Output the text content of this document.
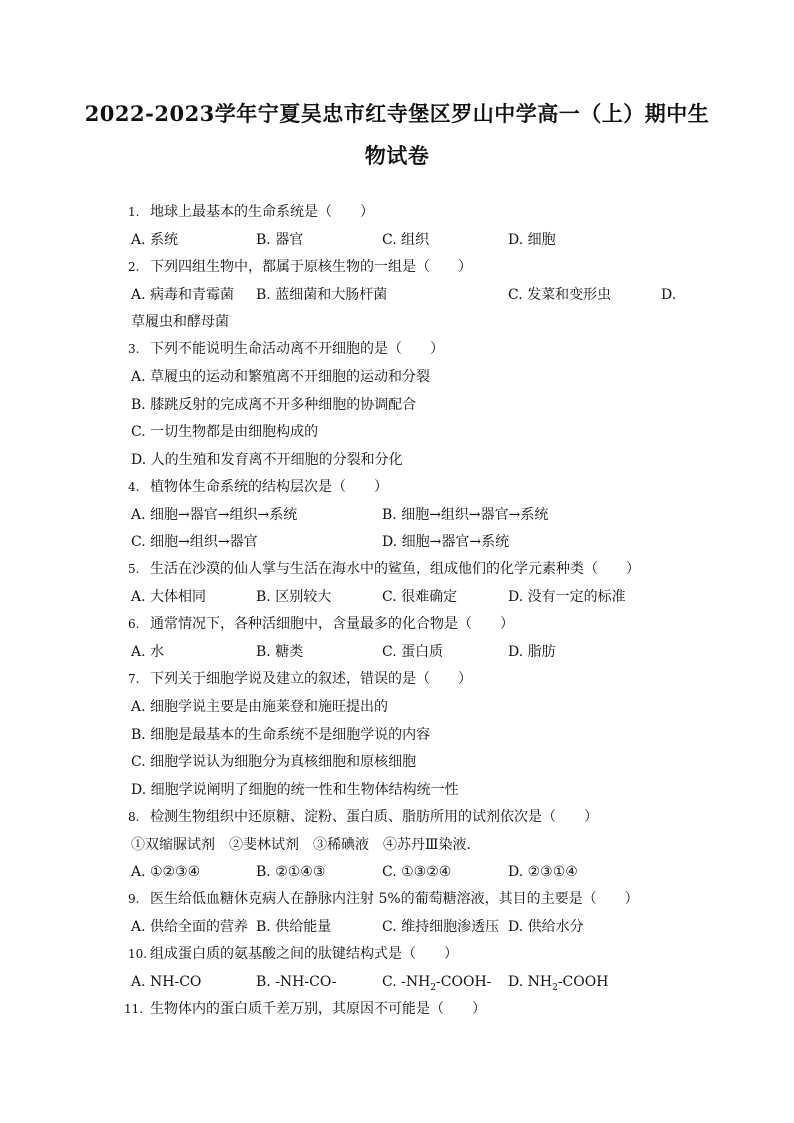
2022-2023学年宁夏吴忠市红寺堡区罗山中学高一（上）期中生
物试卷
1. 地球上最基本的生命系统是（　　）
A. 系统	B. 器官	C. 组织	D. 细胞
2. 下列四组生物中，都属于原核生物的一组是（　　）
A. 病毒和青霉菌 B. 蓝细菌和大肠杆菌	C. 发菜和变形虫	D.
草履虫和酵母菌
3. 下列不能说明生命活动离不开细胞的是（　　）
A. 草履虫的运动和繁殖离不开细胞的运动和分裂
B. 膝跳反射的完成离不开多种细胞的协调配合
C. 一切生物都是由细胞构成的
D. 人的生殖和发育离不开细胞的分裂和分化
4. 植物体生命系统的结构层次是（　　）
A. 细胞→器官→组织→系统	B. 细胞→组织→器官→系统
C. 细胞→组织→器官	D. 细胞→器官→系统
5. 生活在沙漠的仙人掌与生活在海水中的鲨鱼，组成他们的化学元素种类（　　）
A. 大体相同	B. 区别较大	C. 很难确定	D. 没有一定的标准
6. 通常情况下，各种活细胞中，含量最多的化合物是（　　）
A. 水	B. 糖类	C. 蛋白质	D. 脂肪
7. 下列关于细胞学说及建立的叙述，错误的是（　　）
A. 细胞学说主要是由施莱登和施旺提出的
B. 细胞是最基本的生命系统不是细胞学说的内容
C. 细胞学说认为细胞分为真核细胞和原核细胞
D. 细胞学说阐明了细胞的统一性和生物体结构统一性
8. 检测生物组织中还原糖、淀粉、蛋白质、脂肪所用的试剂依次是（　　）
①双缩脲试剂　②斐林试剂　③稀碘液　④苏丹Ⅲ染液．
A. ①②③④	B. ②①④③	C. ①③②④	D. ②③①④
9. 医生给低血糖休克病人在静脉内注射 5%的葡萄糖溶液，其目的主要是（　　）
A. 供给全面的营养 B. 供给能量	C. 维持细胞渗透压 D. 供给水分
10. 组成蛋白质的氨基酸之间的肽键结构式是（　　）
A. NH-CO	B. -NH-CO-	C. $-NH_2-COOH-$ D. $NH_2$-COOH
11. 生物体内的蛋白质千差万别，其原因不可能是（　　）
